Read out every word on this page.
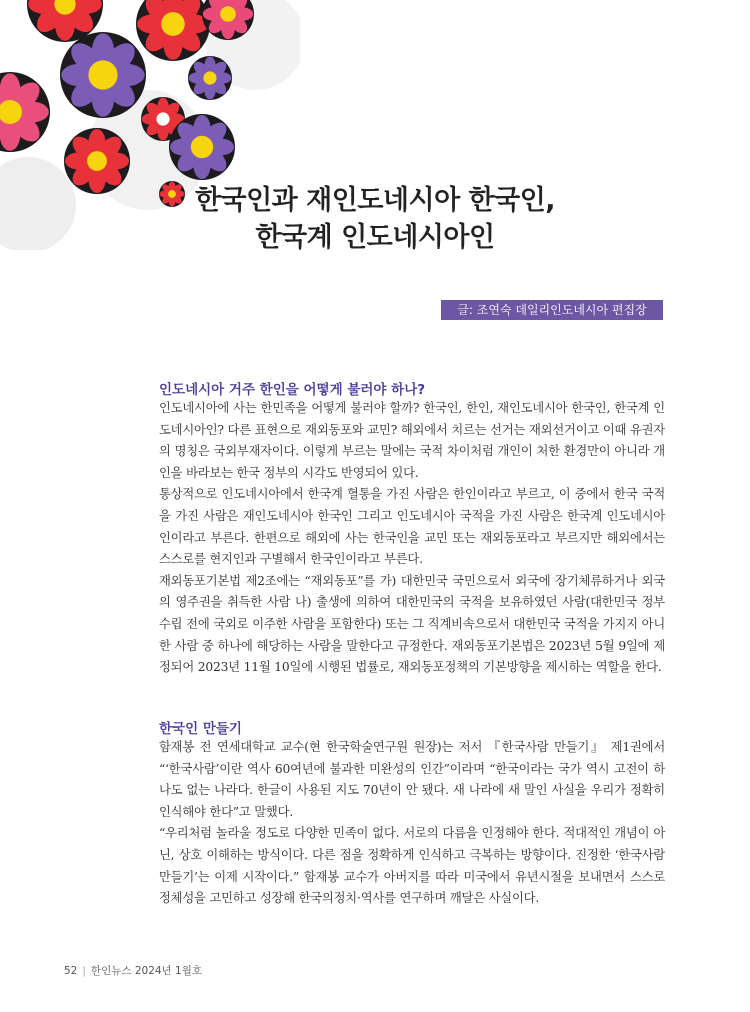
한국인과 재인도네시아 한국인,
한국계 인도네시아인
글: 조연숙 데일리인도네시아 편집장
인도네시아 거주 한인을 어떻게 불러야 하나?

인도네시아에 사는 한민족을 어떻게 불러야 할까? 한국인, 한인, 재인도네시아 한국인, 한국계 인도네시아인? 다른 표현으로 재외동포와 교민? 해외에서 치르는 선거는 재외선거이고 이때 유권자의 명칭은 국외부재자이다. 이렇게 부르는 말에는 국적 차이처럼 개인이 처한 환경만이 아니라 개인을 바라보는 한국 정부의 시각도 반영되어 있다.

통상적으로 인도네시아에서 한국계 혈통을 가진 사람은 한인이라고 부르고, 이 중에서 한국 국적을 가진 사람은 재인도네시아 한국인 그리고 인도네시아 국적을 가진 사람은 한국계 인도네시아인이라고 부른다. 한편으로 해외에 사는 한국인을 교민 또는 재외동포라고 부르지만 해외에서는 스스로를 현지인과 구별해서 한국인이라고 부른다.

재외동포기본법 제2조에는 “재외동포”를 가) 대한민국 국민으로서 외국에 장기체류하거나 외국의 영주권을 취득한 사람 나) 출생에 의하여 대한민국의 국적을 보유하였던 사람(대한민국 정부 수립 전에 국외로 이주한 사람을 포함한다) 또는 그 직계비속으로서 대한민국 국적을 가지지 아니한 사람 중 하나에 해당하는 사람을 말한다고 규정한다. 재외동포기본법은 2023년 5월 9일에 제정되어 2023년 11월 10일에 시행된 법률로, 재외동포정책의 기본방향을 제시하는 역할을 한다.

한국인 만들기

함재봉 전 연세대학교 교수(현 한국학술연구원 원장)는 저서 『한국사람 만들기』 제1권에서 “‘한국사람’이란 역사 60여년에 불과한 미완성의 인간”이라며 “한국이라는 국가 역시 고전이 하나도 없는 나라다. 한글이 사용된 지도 70년이 안 됐다. 새 나라에 새 말인 사실을 우리가 정확히 인식해야 한다”고 말했다.

“우리처럼 놀라울 정도로 다양한 민족이 없다. 서로의 다름을 인정해야 한다. 적대적인 개념이 아닌, 상호 이해하는 방식이다. 다른 점을 정확하게 인식하고 극복하는 방향이다. 진정한 ‘한국사람 만들기’는 이제 시작이다.” 함재봉 교수가 아버지를 따라 미국에서 유년시절을 보내면서 스스로 정체성을 고민하고 성장해 한국의정치·역사를 연구하며 깨달은 사실이다.

52 | 한인뉴스 2024년 1월호
